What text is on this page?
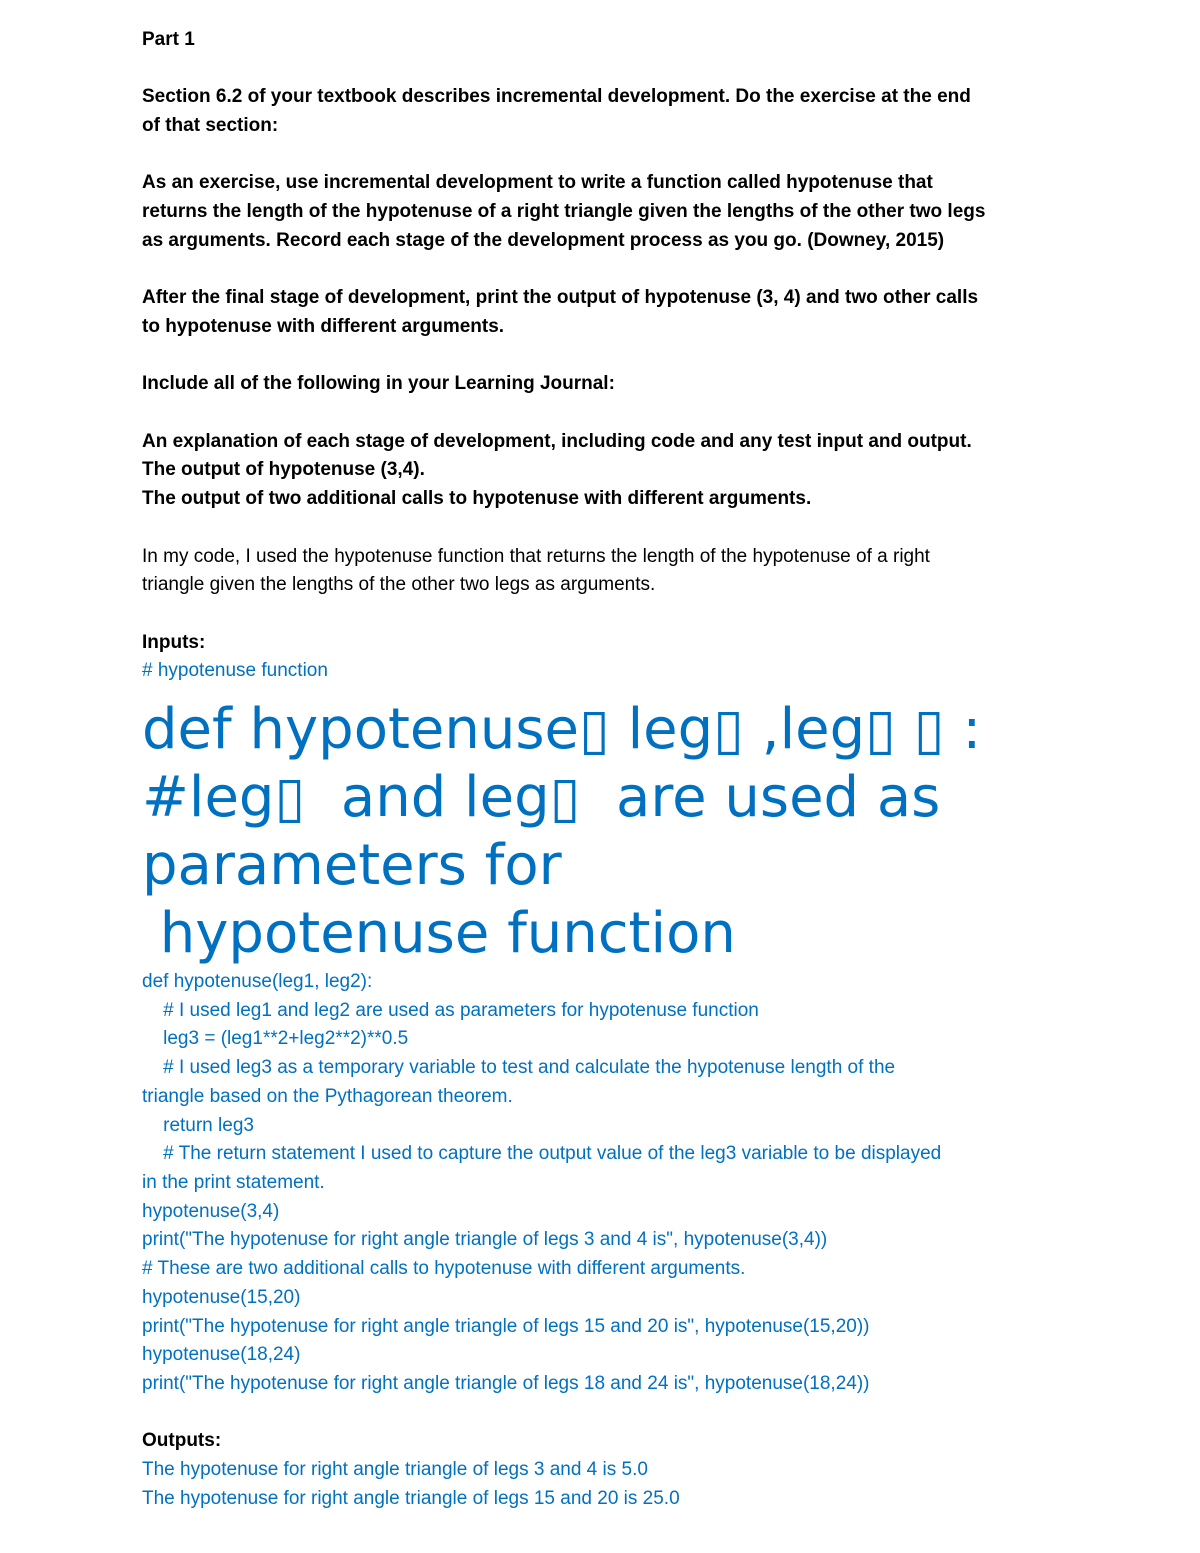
Part 1
Section 6.2 of your textbook describes incremental development. Do the exercise at the end
of that section:
As an exercise, use incremental development to write a function called hypotenuse that
returns the length of the hypotenuse of a right triangle given the lengths of the other two legs
as arguments. Record each stage of the development process as you go. (Downey, 2015)
After the final stage of development, print the output of hypotenuse (3, 4) and two other calls
to hypotenuse with different arguments.
Include all of the following in your Learning Journal:
An explanation of each stage of development, including code and any test input and output.
The output of hypotenuse (3,4).
The output of two additional calls to hypotenuse with different arguments.
In my code, I used the hypotenuse function that returns the length of the hypotenuse of a right
triangle given the lengths of the other two legs as arguments.
Inputs:
# hypotenuse function
def hypotenuse▯ leg▯ ,leg▯ ▯ :
#leg▯  and leg▯  are used as
parameters for
hypotenuse function
def hypotenuse(leg1, leg2):
# I used leg1 and leg2 are used as parameters for hypotenuse function
leg3 = (leg1**2+leg2**2)**0.5
# I used leg3 as a temporary variable to test and calculate the hypotenuse length of the
triangle based on the Pythagorean theorem.
return leg3
# The return statement I used to capture the output value of the leg3 variable to be displayed
in the print statement.
hypotenuse(3,4)
print("The hypotenuse for right angle triangle of legs 3 and 4 is", hypotenuse(3,4))
# These are two additional calls to hypotenuse with different arguments.
hypotenuse(15,20)
print("The hypotenuse for right angle triangle of legs 15 and 20 is", hypotenuse(15,20))
hypotenuse(18,24)
print("The hypotenuse for right angle triangle of legs 18 and 24 is", hypotenuse(18,24))
Outputs:
The hypotenuse for right angle triangle of legs 3 and 4 is 5.0
The hypotenuse for right angle triangle of legs 15 and 20 is 25.0
